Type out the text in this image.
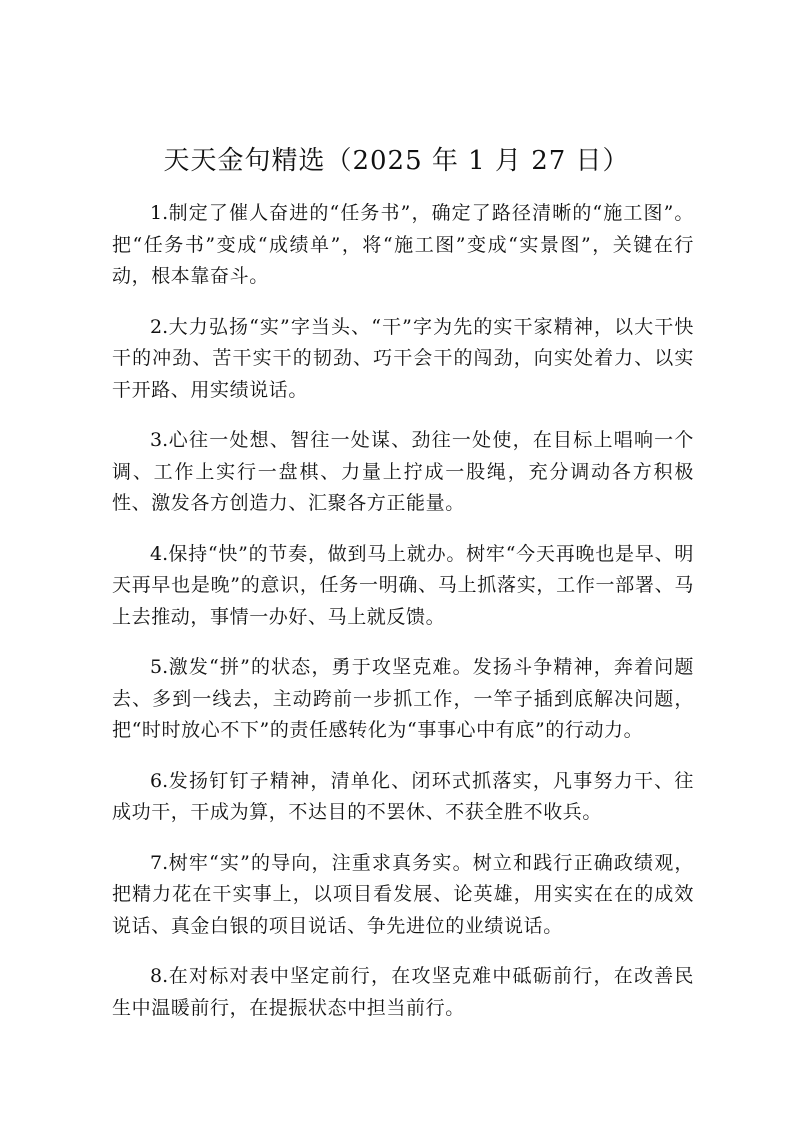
天天金句精选（2025 年 1 月 27 日）

1.制定了催人奋进的“任务书”，确定了路径清晰的“施工图”。把“任务书”变成“成绩单”，将“施工图”变成“实景图”，关键在行动，根本靠奋斗。

2.大力弘扬“实”字当头、“干”字为先的实干家精神，以大干快干的冲劲、苦干实干的韧劲、巧干会干的闯劲，向实处着力、以实干开路、用实绩说话。

3.心往一处想、智往一处谋、劲往一处使，在目标上唱响一个调、工作上实行一盘棋、力量上拧成一股绳，充分调动各方积极性、激发各方创造力、汇聚各方正能量。

4.保持“快”的节奏，做到马上就办。树牢“今天再晚也是早、明天再早也是晚”的意识，任务一明确、马上抓落实，工作一部署、马上去推动，事情一办好、马上就反馈。

5.激发“拼”的状态，勇于攻坚克难。发扬斗争精神，奔着问题去、多到一线去，主动跨前一步抓工作，一竿子插到底解决问题，把“时时放心不下”的责任感转化为“事事心中有底”的行动力。

6.发扬钉钉子精神，清单化、闭环式抓落实，凡事努力干、往成功干，干成为算，不达目的不罢休、不获全胜不收兵。

7.树牢“实”的导向，注重求真务实。树立和践行正确政绩观，把精力花在干实事上，以项目看发展、论英雄，用实实在在的成效说话、真金白银的项目说话、争先进位的业绩说话。

8.在对标对表中坚定前行，在攻坚克难中砥砺前行，在改善民生中温暖前行，在提振状态中担当前行。
